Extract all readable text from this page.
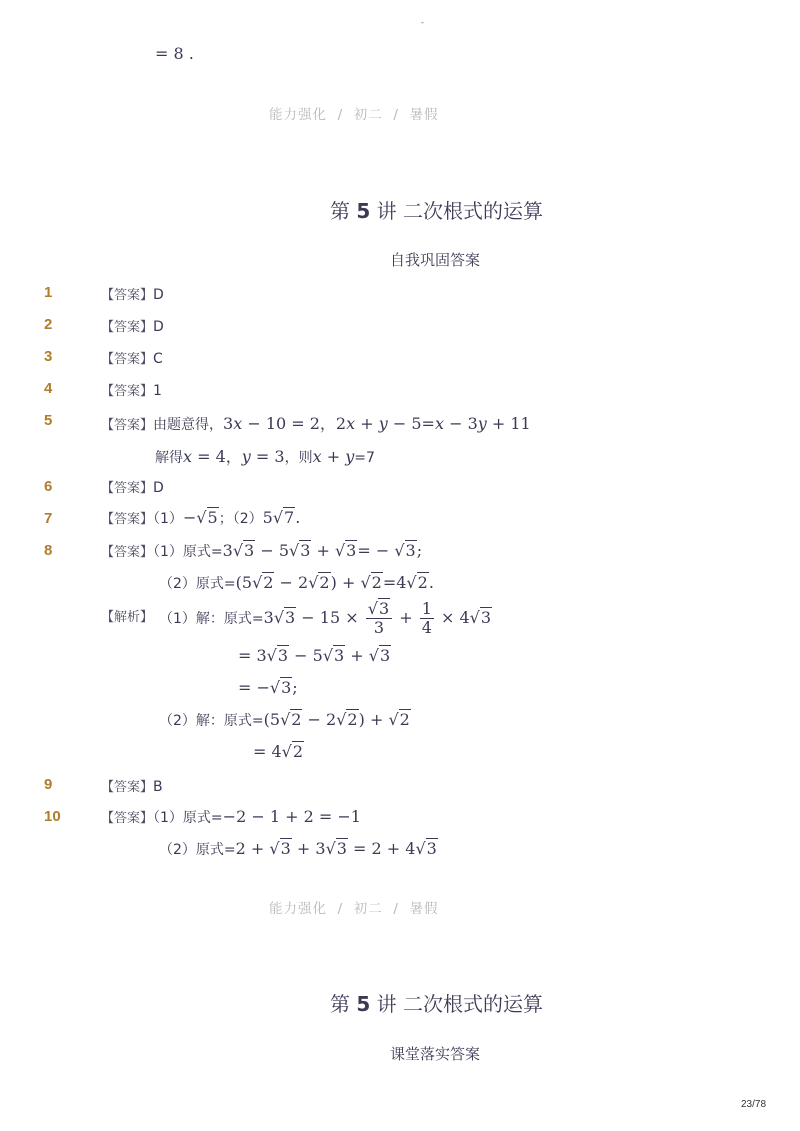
-
= 8 .
能力强化 / 初二 / 暑假
第 5 讲 二次根式的运算
自我巩固答案
1	【答案】D
2	【答案】D
3	【答案】C
4	【答案】1
5	【答案】由题意得，3x − 10 = 2，2x + y − 5=x − 3y + 11
解得x = 4，y = 3，则x + y=7
6	【答案】D
7	【答案】（1）−√5；（2）5√7.
8	【答案】（1）原式=3√3 − 5√3 + √3= − √3;
（2）原式=(5√2 − 2√2) + √2=4√2.
【解析】 （1）解：原式$=3√3 - 15 \times \frac{√3}{3} + \frac{1}{4} \times 4√3$
= 3√3 − 5√3 + √3
= −√3;
（2）解：原式=(5√2 − 2√2) + √2
= 4√2
9	【答案】B
10	【答案】（1）原式=−2 − 1 + 2 = −1
（2）原式=2 + √3 + 3√3 = 2 + 4√3
能力强化 / 初二 / 暑假
第 5 讲 二次根式的运算
课堂落实答案
23/78
